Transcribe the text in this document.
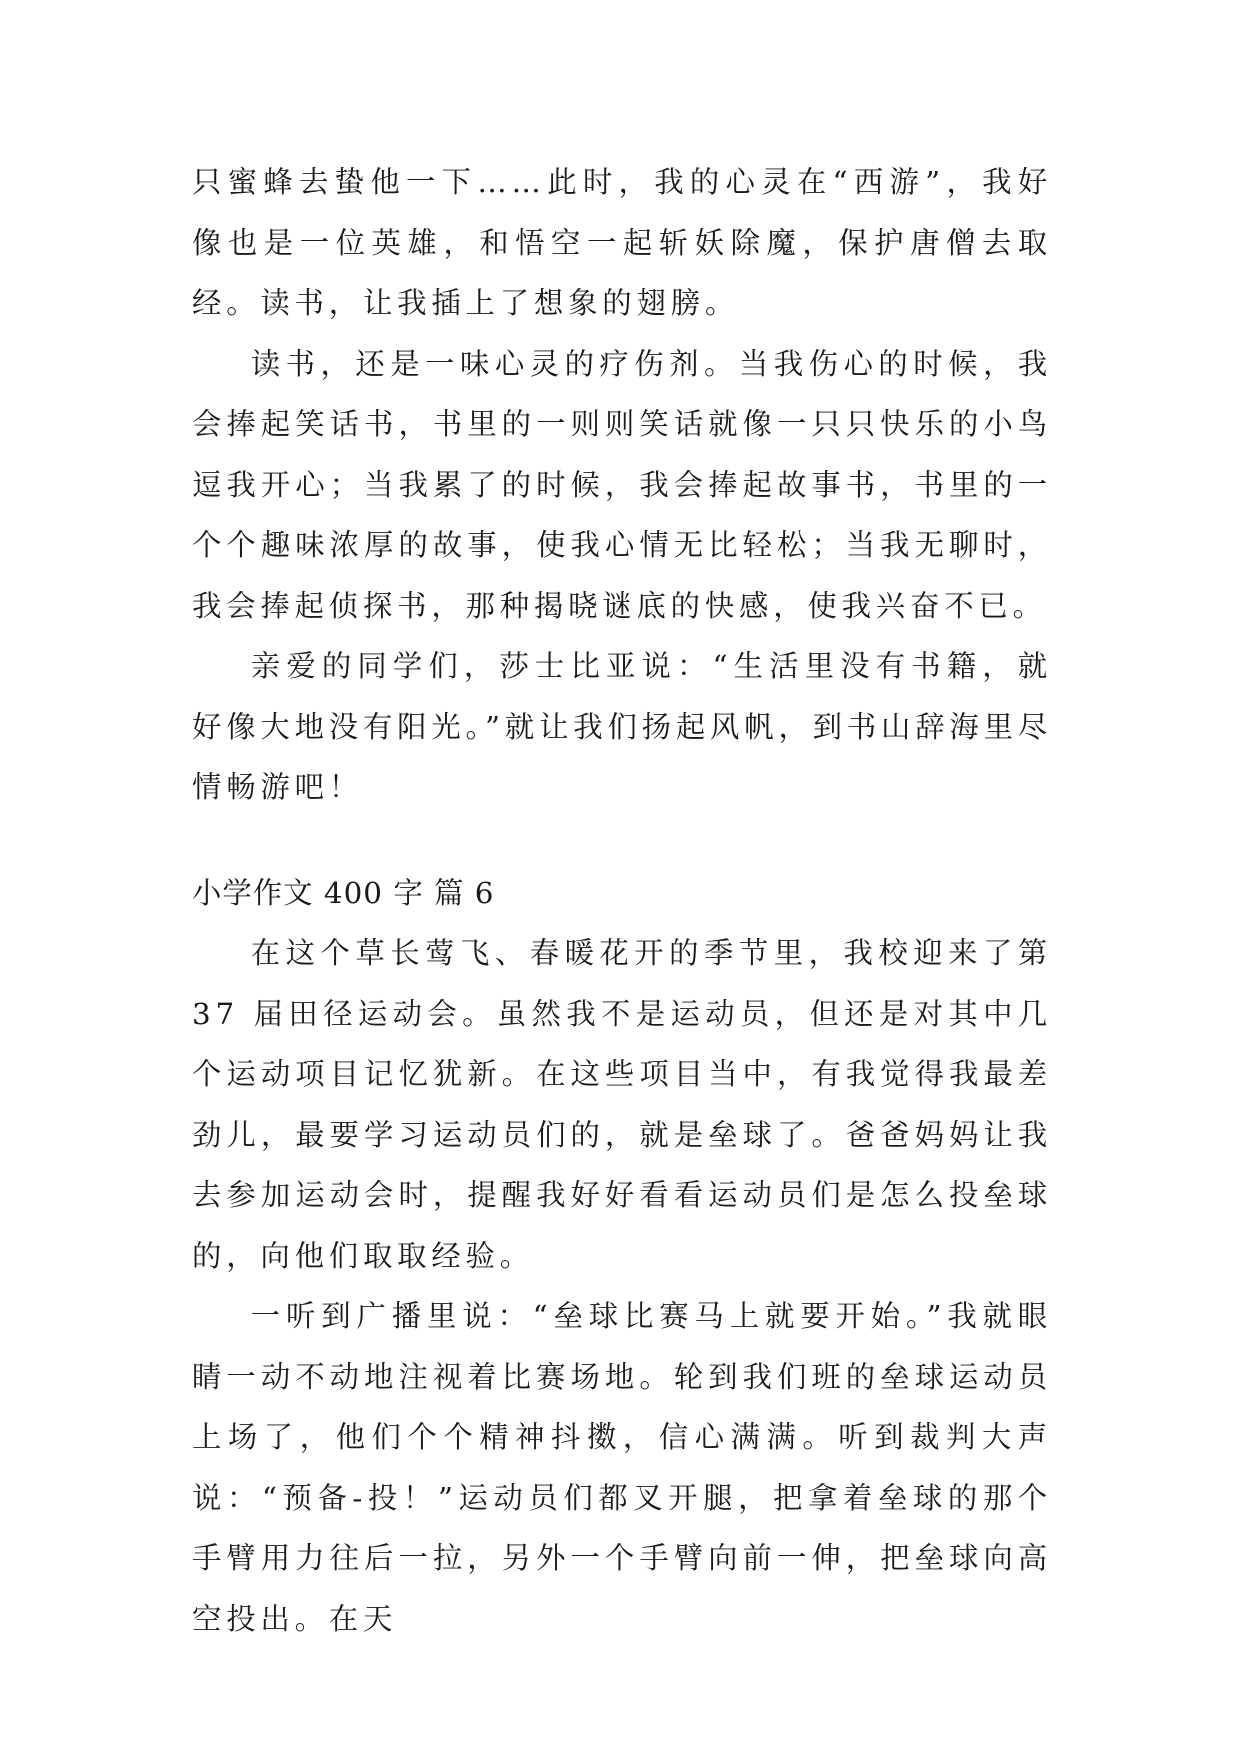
只蜜蜂去蛰他一下……此时，我的心灵在“西游”，我好像也是一位英雄，和悟空一起斩妖除魔，保护唐僧去取经。读书，让我插上了想象的翅膀。

读书，还是一味心灵的疗伤剂。当我伤心的时候，我会捧起笑话书，书里的一则则笑话就像一只只快乐的小鸟逗我开心；当我累了的时候，我会捧起故事书，书里的一个个趣味浓厚的故事，使我心情无比轻松；当我无聊时，我会捧起侦探书，那种揭晓谜底的快感，使我兴奋不已。

亲爱的同学们，莎士比亚说：“生活里没有书籍，就好像大地没有阳光。”就让我们扬起风帆，到书山辞海里尽情畅游吧！

小学作文 400 字 篇 6

在这个草长莺飞、春暖花开的季节里，我校迎来了第 37 届田径运动会。虽然我不是运动员，但还是对其中几个运动项目记忆犹新。在这些项目当中，有我觉得我最差劲儿，最要学习运动员们的，就是垒球了。爸爸妈妈让我去参加运动会时，提醒我好好看看运动员们是怎么投垒球的，向他们取取经验。

一听到广播里说：“垒球比赛马上就要开始。”我就眼睛一动不动地注视着比赛场地。轮到我们班的垒球运动员上场了，他们个个精神抖擞，信心满满。听到裁判大声说：“预备-投！”运动员们都叉开腿，把拿着垒球的那个手臂用力往后一拉，另外一个手臂向前一伸，把垒球向高空投出。在天
